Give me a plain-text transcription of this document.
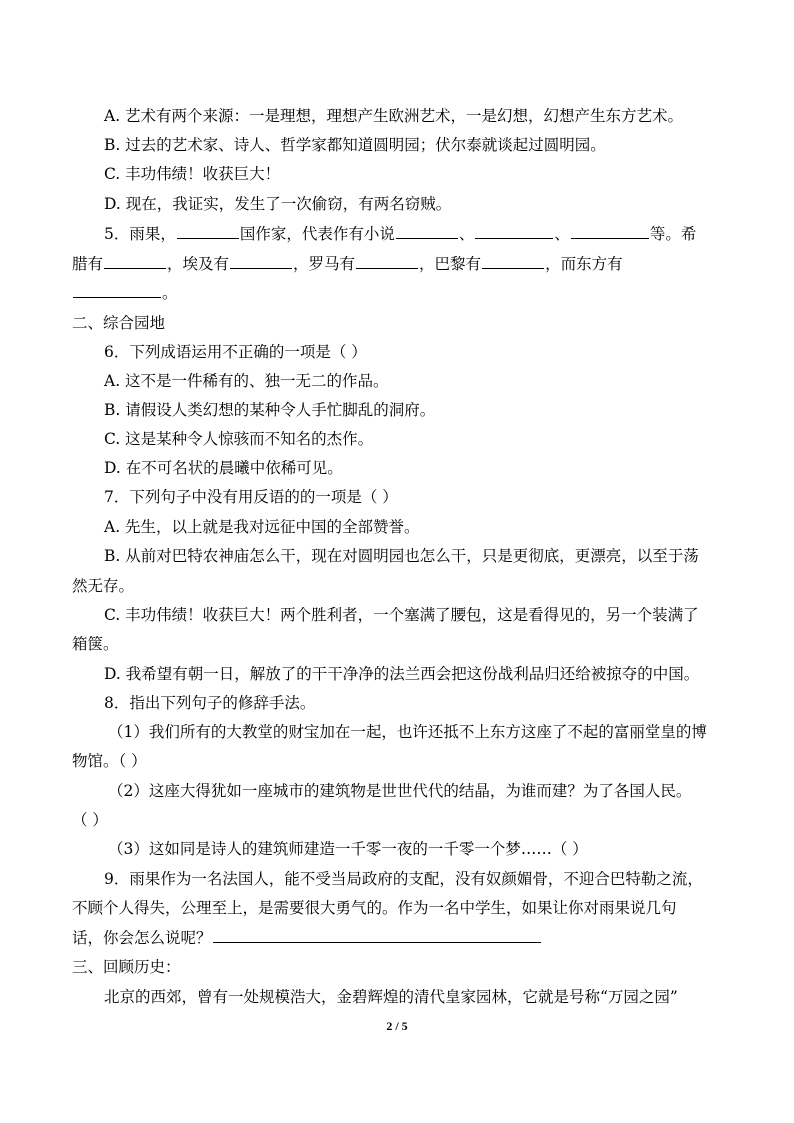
A. 艺术有两个来源：一是理想，理想产生欧洲艺术，一是幻想，幻想产生东方艺术。
B. 过去的艺术家、诗人、哲学家都知道圆明园；伏尔泰就谈起过圆明园。
C. 丰功伟绩！收获巨大！
D. 现在，我证实，发生了一次偷窃，有两名窃贼。
5．雨果，	国作家，代表作有小说	、	、	等。希
腊有	，埃及有	，罗马有	，巴黎有	，而东方有
。
二、综合园地
6．下列成语运用不正确的一项是（ ）
A. 这不是一件稀有的、独一无二的作品。
B. 请假设人类幻想的某种令人手忙脚乱的洞府。
C. 这是某种令人惊骇而不知名的杰作。
D. 在不可名状的晨曦中依稀可见。
7．下列句子中没有用反语的的一项是（ ）
A. 先生，以上就是我对远征中国的全部赞誉。
B. 从前对巴特农神庙怎么干，现在对圆明园也怎么干，只是更彻底，更漂亮，以至于荡
然无存。
C. 丰功伟绩！收获巨大！两个胜利者，一个塞满了腰包，这是看得见的，另一个装满了
箱箧。
D. 我希望有朝一日，解放了的干干净净的法兰西会把这份战利品归还给被掠夺的中国。
8．指出下列句子的修辞手法。
（1）我们所有的大教堂的财宝加在一起，也许还抵不上东方这座了不起的富丽堂皇的博
物馆。（ ）
（2）这座大得犹如一座城市的建筑物是世世代代的结晶，为谁而建？为了各国人民。
（ ）
（3）这如同是诗人的建筑师建造一千零一夜的一千零一个梦……（ ）
9．雨果作为一名法国人，能不受当局政府的支配，没有奴颜媚骨，不迎合巴特勒之流，
不顾个人得失，公理至上，是需要很大勇气的。作为一名中学生，如果让你对雨果说几句
话，你会怎么说呢？
三、回顾历史：
北京的西郊，曾有一处规模浩大，金碧辉煌的清代皇家园林，它就是号称“万园之园”
2 / 5
